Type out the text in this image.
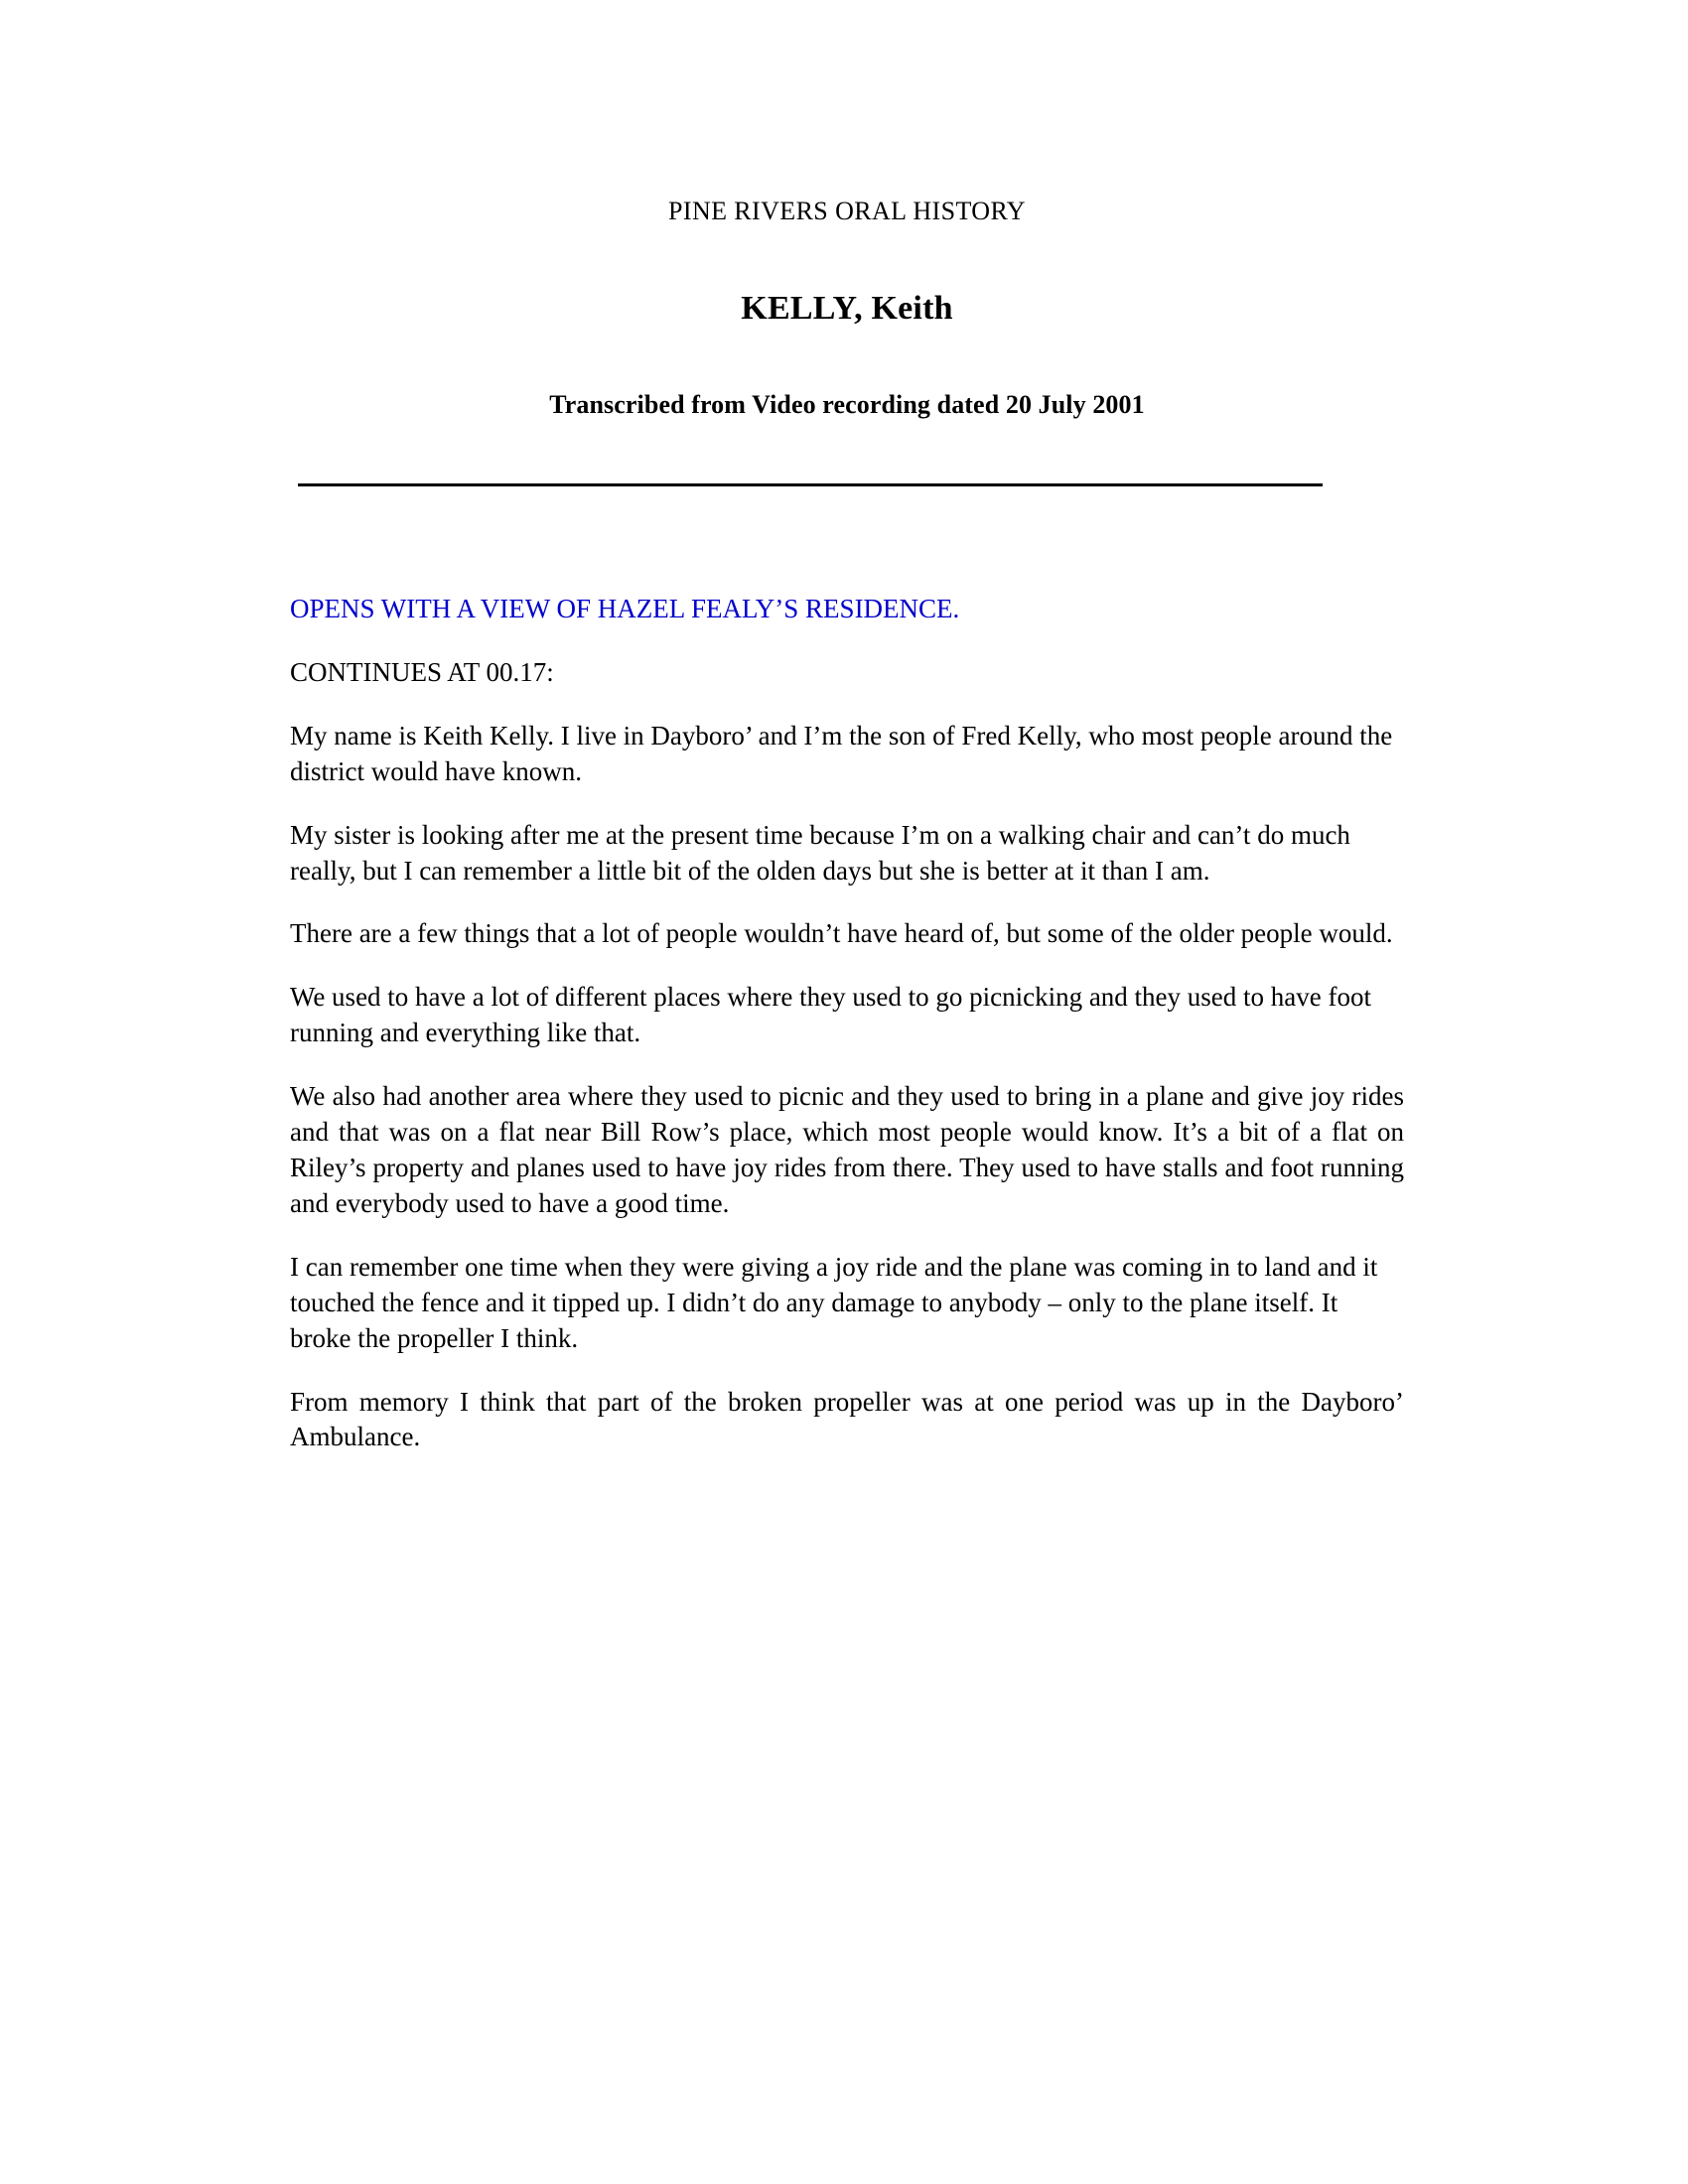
PINE RIVERS ORAL HISTORY
KELLY, Keith
Transcribed from Video recording dated 20 July 2001

OPENS WITH A VIEW OF HAZEL FEALY’S RESIDENCE.

CONTINUES AT 00.17:

My name is Keith Kelly. I live in Dayboro’ and I’m the son of Fred Kelly, who most people around the district would have known.

My sister is looking after me at the present time because I’m on a walking chair and can’t do much really, but I can remember a little bit of the olden days but she is better at it than I am.

There are a few things that a lot of people wouldn’t have heard of, but some of the older people would.

We used to have a lot of different places where they used to go picnicking and they used to have foot running and everything like that.

We also had another area where they used to picnic and they used to bring in a plane and give joy rides and that was on a flat near Bill Row’s place, which most people would know. It’s a bit of a flat on Riley’s property and planes used to have joy rides from there. They used to have stalls and foot running and everybody used to have a good time.

I can remember one time when they were giving a joy ride and the plane was coming in to land and it touched the fence and it tipped up. I didn’t do any damage to anybody – only to the plane itself. It broke the propeller I think.

From memory I think that part of the broken propeller was at one period was up in the Dayboro’ Ambulance.
